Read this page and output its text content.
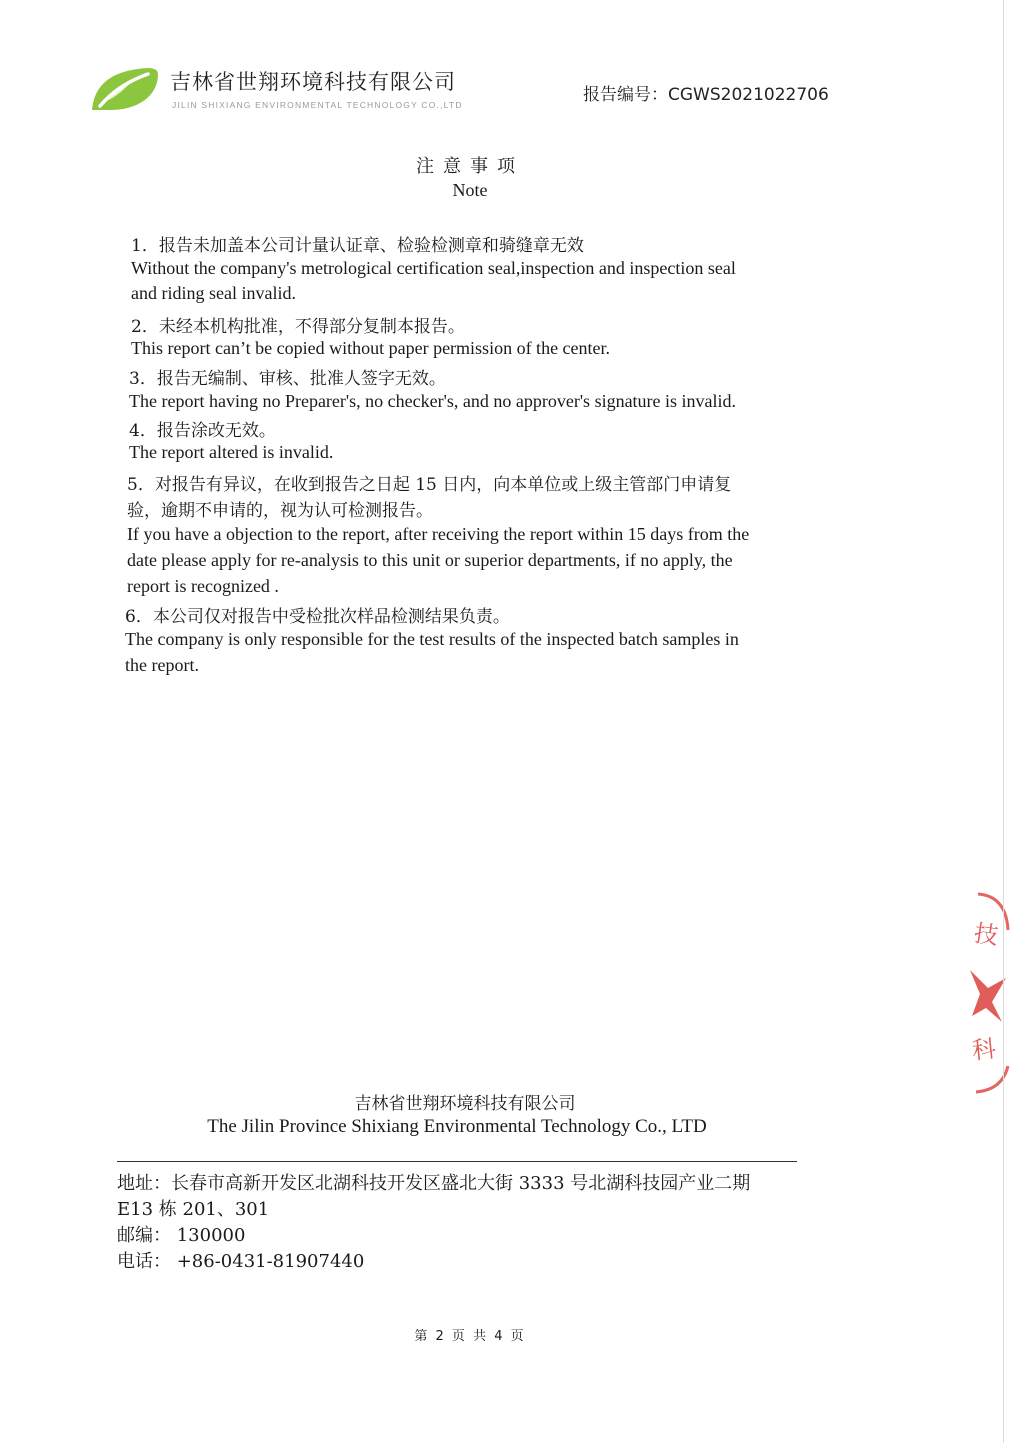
吉林省世翔环境科技有限公司
JILIN SHIXIANG ENVIRONMENTAL TECHNOLOGY CO.,LTD	报告编号：CGWS2021022706
注意事项
Note
1．报告未加盖本公司计量认证章、检验检测章和骑缝章无效
Without the company's metrological certification seal,inspection and inspection seal
and riding seal invalid.
2．未经本机构批准，不得部分复制本报告。
This report can’t be copied without paper permission of the center.
3．报告无编制、审核、批准人签字无效。
The report having no Preparer's, no checker's, and no approver's signature is invalid.
4．报告涂改无效。
The report altered is invalid.
5．对报告有异议，在收到报告之日起 15 日内，向本单位或上级主管部门申请复
验，逾期不申请的，视为认可检测报告。
If you have a objection to the report, after receiving the report within 15 days from the
date please apply for re-analysis to this unit or superior departments, if no apply, the
report is recognized .
6．本公司仅对报告中受检批次样品检测结果负责。
The company is only responsible for the test results of the inspected batch samples in
the report.
技
科
吉林省世翔环境科技有限公司
The Jilin Province Shixiang Environmental Technology Co., LTD
地址：长春市高新开发区北湖科技开发区盛北大街 3333 号北湖科技园产业二期
E13 栋 201、301
邮编： 130000
电话： +86-0431-81907440
第 2 页 共 4 页
